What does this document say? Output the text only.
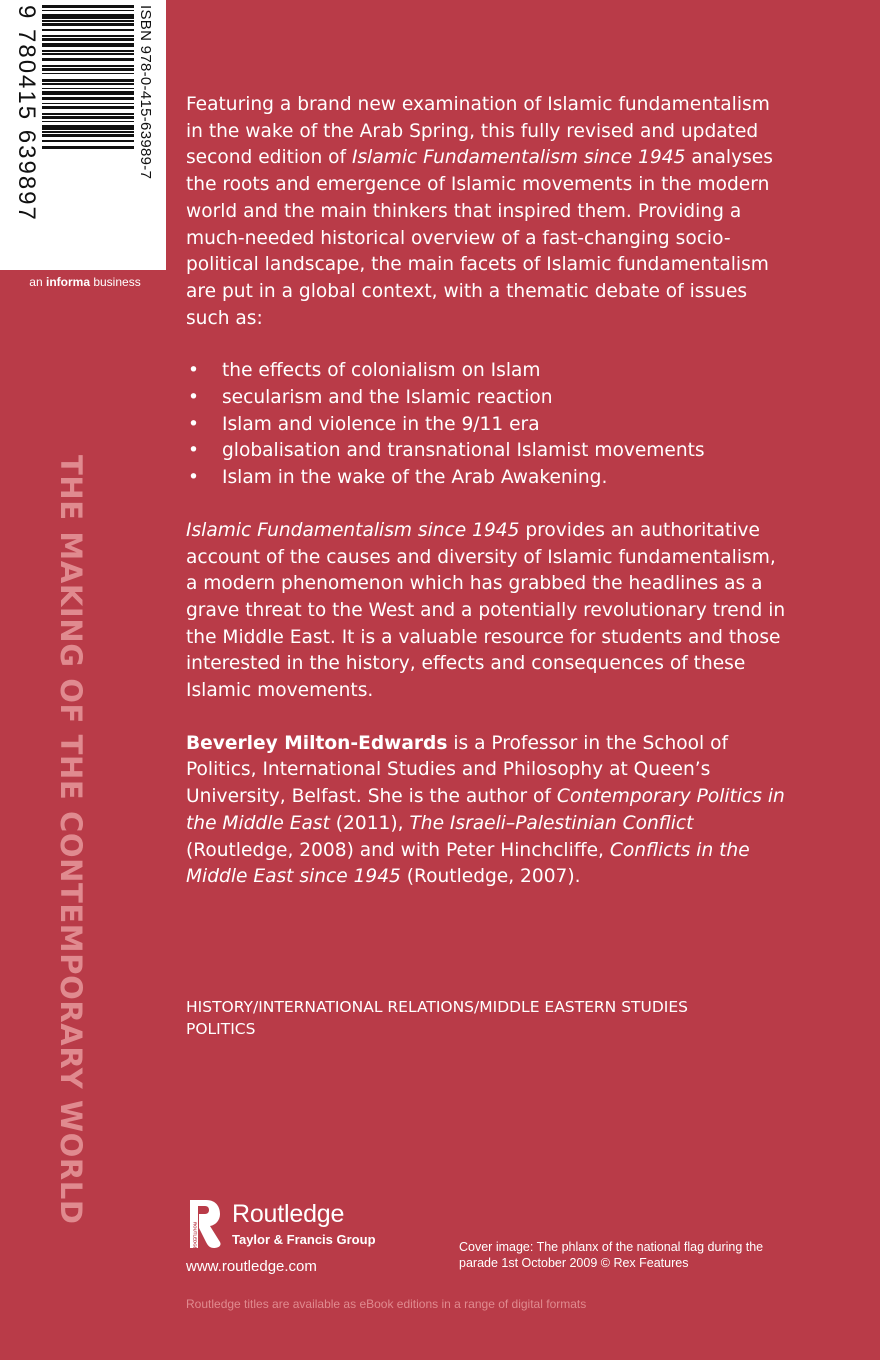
ISBN 978-0-415-63989-7
9 780415 639897
an informa business
THE MAKING OF THE CONTEMPORARY WORLD

Featuring a brand new examination of Islamic fundamentalism in the wake of the Arab Spring, this fully revised and updated second edition of Islamic Fundamentalism since 1945 analyses the roots and emergence of Islamic movements in the modern world and the main thinkers that inspired them. Providing a much-needed historical overview of a fast-changing socio-political landscape, the main facets of Islamic fundamentalism are put in a global context, with a thematic debate of issues such as:

• the effects of colonialism on Islam
• secularism and the Islamic reaction
• Islam and violence in the 9/11 era
• globalisation and transnational Islamist movements
• Islam in the wake of the Arab Awakening.

Islamic Fundamentalism since 1945 provides an authoritative account of the causes and diversity of Islamic fundamentalism, a modern phenomenon which has grabbed the headlines as a grave threat to the West and a potentially revolutionary trend in the Middle East. It is a valuable resource for students and those interested in the history, effects and consequences of these Islamic movements.

Beverley Milton-Edwards is a Professor in the School of Politics, International Studies and Philosophy at Queen’s University, Belfast. She is the author of Contemporary Politics in the Middle East (2011), The Israeli–Palestinian Conflict (Routledge, 2008) and with Peter Hinchcliffe, Conflicts in the Middle East since 1945 (Routledge, 2007).

HISTORY/INTERNATIONAL RELATIONS/MIDDLE EASTERN STUDIES
POLITICS
ROUTLEDGE
Routledge
Taylor & Francis Group
www.routledge.com
Cover image: The phlanx of the national flag during the parade 1st October 2009 © Rex Features
Routledge titles are available as eBook editions in a range of digital formats
